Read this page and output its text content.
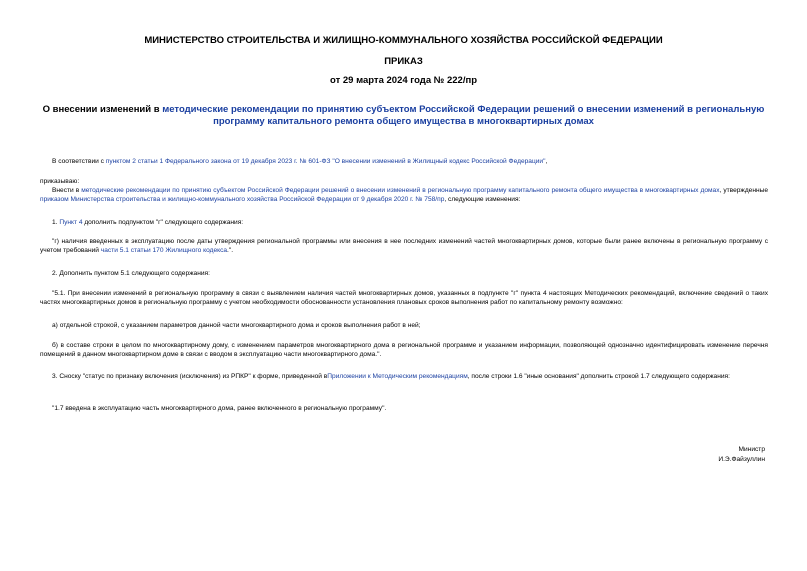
МИНИСТЕРСТВО СТРОИТЕЛЬСТВА И ЖИЛИЩНО-КОММУНАЛЬНОГО ХОЗЯЙСТВА РОССИЙСКОЙ ФЕДЕРАЦИИ
ПРИКАЗ
от 29 марта 2024 года № 222/пр
О внесении изменений в методические рекомендации по принятию субъектом Российской Федерации решений о внесении изменений в региональную программу капитального ремонта общего имущества в многоквартирных домах
В соответствии с пунктом 2 статьи 1 Федерального закона от 19 декабря 2023 г. № 601-ФЗ "О внесении изменений в Жилищный кодекс Российской Федерации",
приказываю:
Внести в методические рекомендации по принятию субъектом Российской Федерации решений о внесении изменений в региональную программу капитального ремонта общего имущества в многоквартирных домах, утвержденные приказом Министерства строительства и жилищно-коммунального хозяйства Российской Федерации от 9 декабря 2020 г. № 758/пр, следующие изменения:
1. Пункт 4 дополнить подпунктом "г" следующего содержания:
"г) наличия введенных в эксплуатацию после даты утверждения региональной программы или внесения в нее последних изменений частей многоквартирных домов, которые были ранее включены в региональную программу с учетом требований части 5.1 статьи 170 Жилищного кодекса.".
2. Дополнить пунктом 5.1 следующего содержания:
"5.1. При внесении изменений в региональную программу в связи с выявлением наличия частей многоквартирных домов, указанных в подпункте "г" пункта 4 настоящих Методических рекомендаций, включение сведений о таких частях многоквартирных домов в региональную программу с учетом необходимости обоснованности установления плановых сроков выполнения работ по капитальному ремонту возможно:
а) отдельной строкой, с указанием параметров данной части многоквартирного дома и сроков выполнения работ в ней;
б) в составе строки в целом по многоквартирному дому, с изменением параметров многоквартирного дома в региональной программе и указанием информации, позволяющей однозначно идентифицировать изменение перечня помещений в данном многоквартирном доме в связи с вводом в эксплуатацию части многоквартирного дома.".
3. Сноску "статус по признаку включения (исключения) из РПКР" к форме, приведенной вПриложении к Методическим рекомендациям, после строки 1.6 "иные основания" дополнить строкой 1.7 следующего содержания:
"1.7 введена в эксплуатацию часть многоквартирного дома, ранее включенного в региональную программу".
Министр
И.Э.Файзуллин
